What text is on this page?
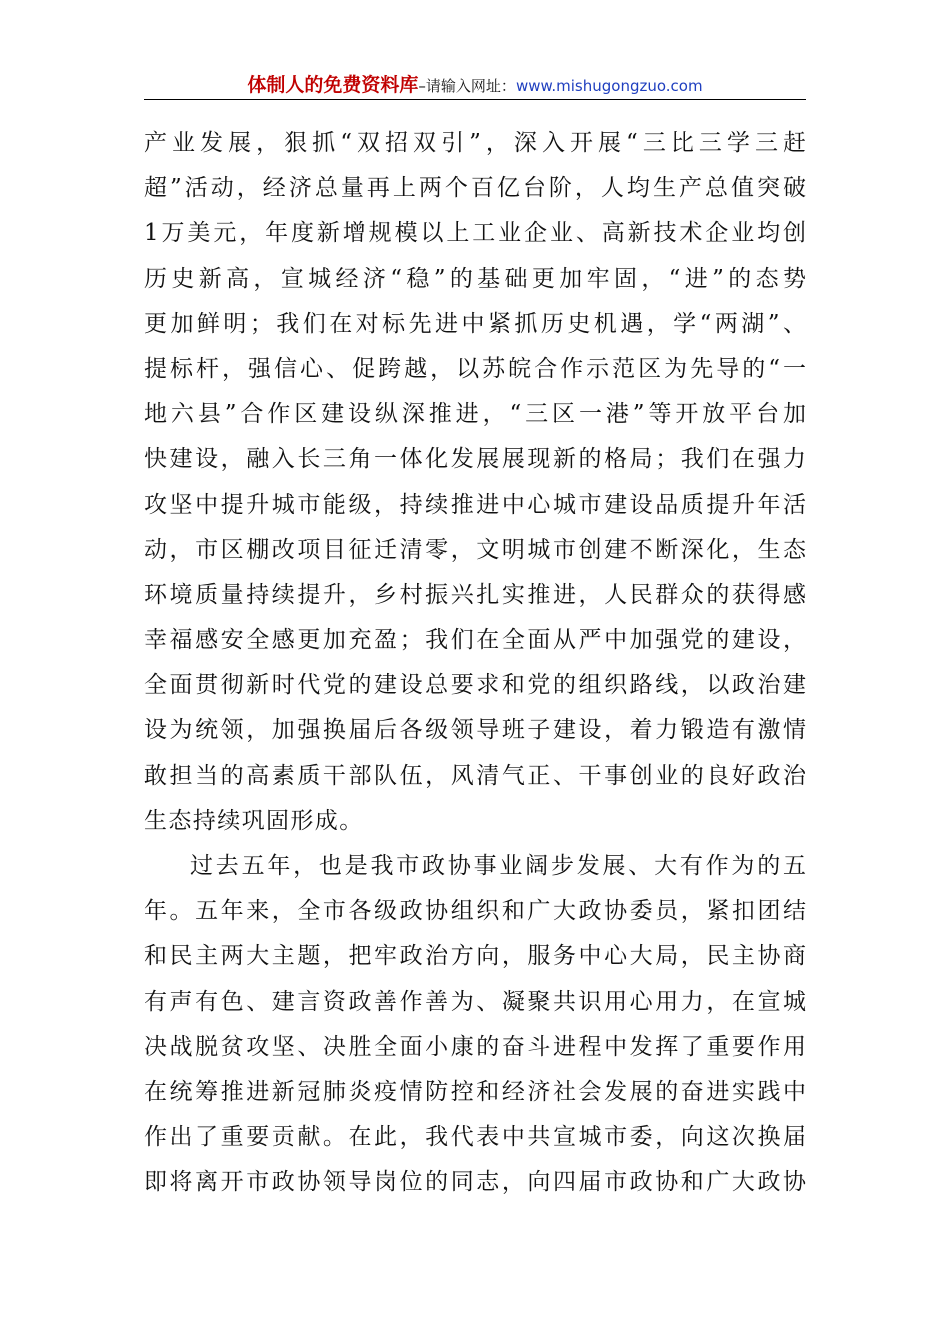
体制人的免费资料库–请输入网址：www.mishugongzuo.com
产业发展，狠抓“双招双引”，深入开展“三比三学三赶
超”活动，经济总量再上两个百亿台阶，人均生产总值突破
1万美元，年度新增规模以上工业企业、高新技术企业均创
历史新高，宣城经济“稳”的基础更加牢固，“进”的态势
更加鲜明；我们在对标先进中紧抓历史机遇，学“两湖”、
提标杆，强信心、促跨越，以苏皖合作示范区为先导的“一
地六县”合作区建设纵深推进，“三区一港”等开放平台加
快建设，融入长三角一体化发展展现新的格局；我们在强力
攻坚中提升城市能级，持续推进中心城市建设品质提升年活
动，市区棚改项目征迁清零，文明城市创建不断深化，生态
环境质量持续提升，乡村振兴扎实推进，人民群众的获得感
幸福感安全感更加充盈；我们在全面从严中加强党的建设，
全面贯彻新时代党的建设总要求和党的组织路线，以政治建
设为统领，加强换届后各级领导班子建设，着力锻造有激情
敢担当的高素质干部队伍，风清气正、干事创业的良好政治
生态持续巩固形成。
过去五年，也是我市政协事业阔步发展、大有作为的五
年。五年来，全市各级政协组织和广大政协委员，紧扣团结
和民主两大主题，把牢政治方向，服务中心大局，民主协商
有声有色、建言资政善作善为、凝聚共识用心用力，在宣城
决战脱贫攻坚、决胜全面小康的奋斗进程中发挥了重要作用
在统筹推进新冠肺炎疫情防控和经济社会发展的奋进实践中
作出了重要贡献。在此，我代表中共宣城市委，向这次换届
即将离开市政协领导岗位的同志，向四届市政协和广大政协
